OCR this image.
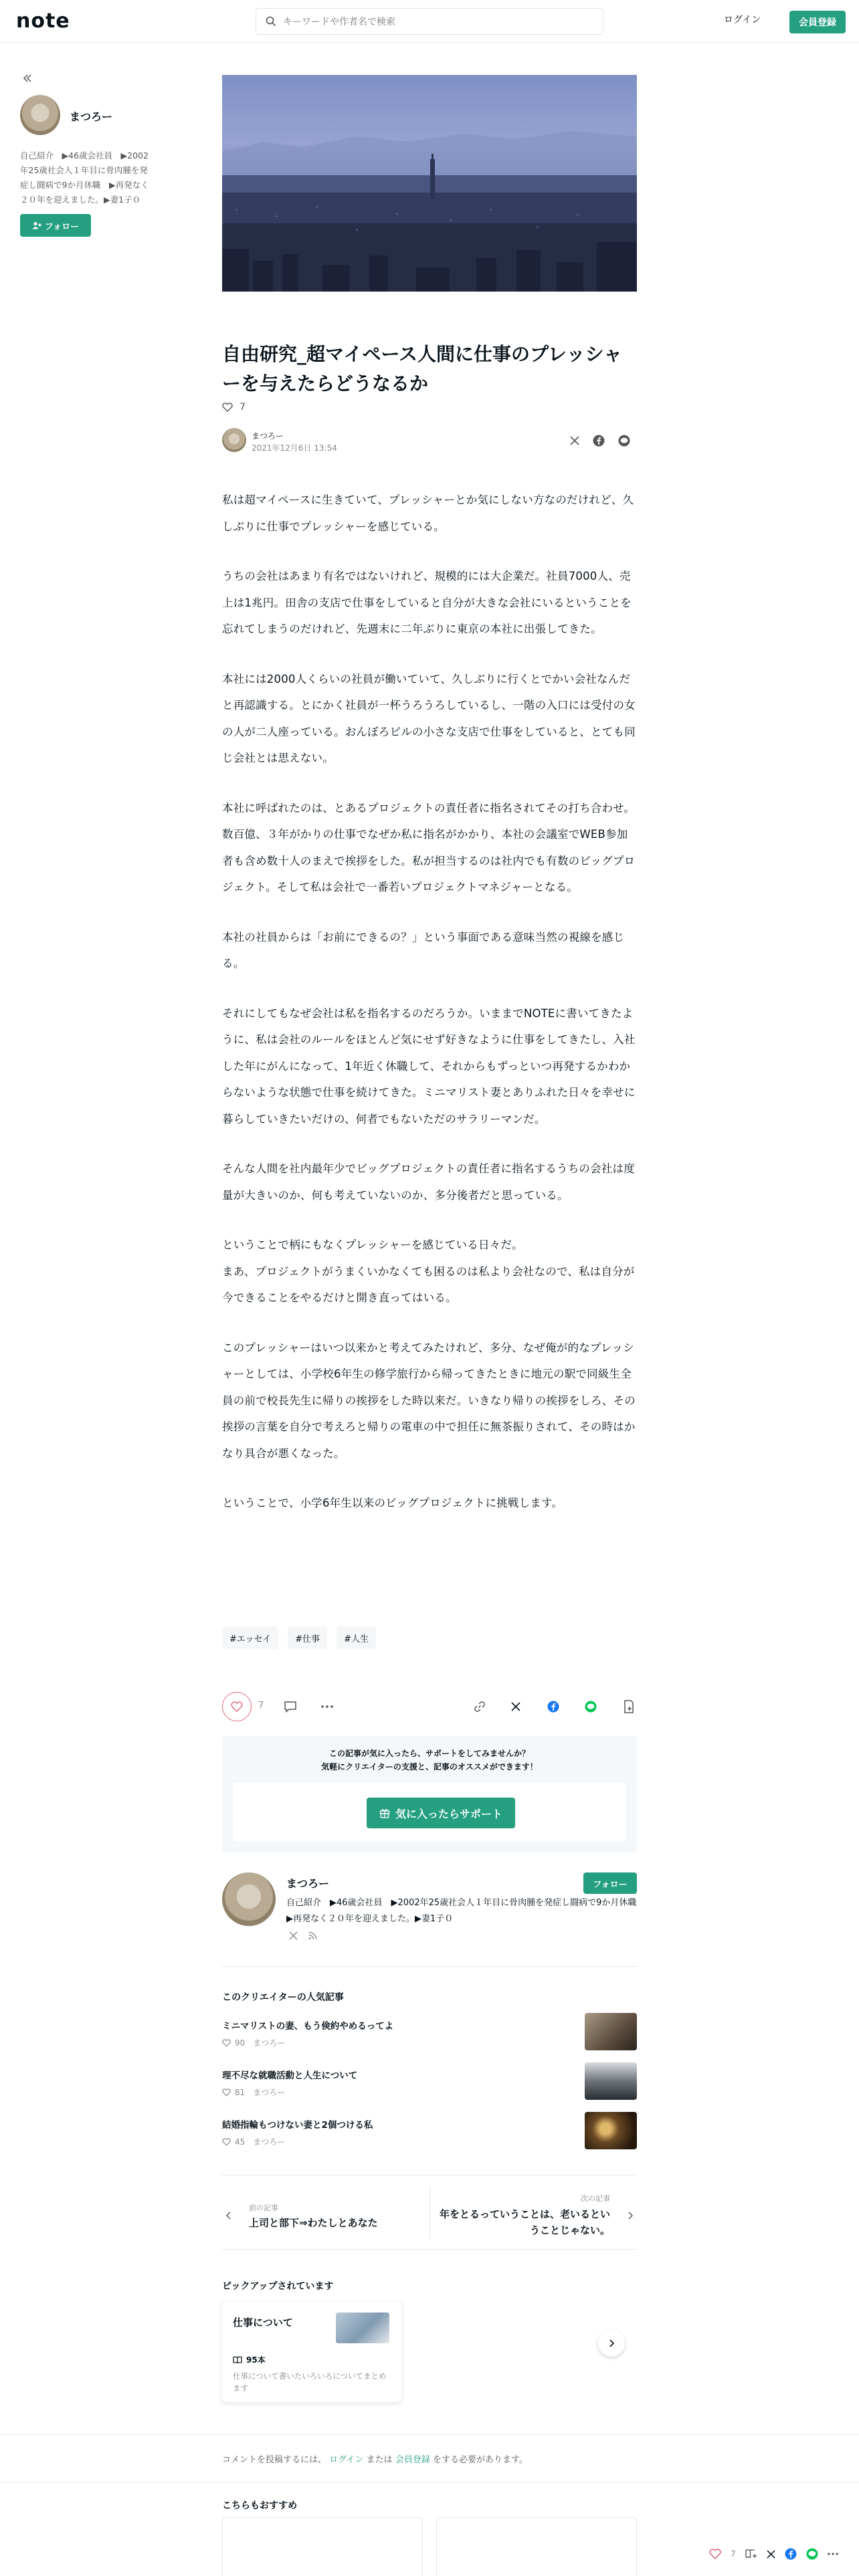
note
キーワードや作者名で検索	ログイン	会員登録
まつろー
自己紹介　▶46歳会社員　▶2002年25歳社会人１年目に骨肉腫を発症し闘病で9か月休職　▶再発なく２０年を迎えました。▶妻1子０
フォロー
自由研究_超マイペース人間に仕事のプレッシャーを与えたらどうなるか
7
まつろー
2021年12月6日 13:54

私は超マイペースに生きていて、プレッシャーとか気にしない方なのだけれど、久しぶりに仕事でプレッシャーを感じている。

うちの会社はあまり有名ではないけれど、規模的には大企業だ。社員7000人、売上は1兆円。田舎の支店で仕事をしていると自分が大きな会社にいるということを忘れてしまうのだけれど、先週末に二年ぶりに東京の本社に出張してきた。

本社には2000人くらいの社員が働いていて、久しぶりに行くとでかい会社なんだと再認識する。とにかく社員が一杯うろうろしているし、一階の入口には受付の女の人が二人座っている。おんぼろビルの小さな支店で仕事をしていると、とても同じ会社とは思えない。

本社に呼ばれたのは、とあるプロジェクトの責任者に指名されてその打ち合わせ。数百億、３年がかりの仕事でなぜか私に指名がかかり、本社の会議室でWEB参加者も含め数十人のまえで挨拶をした。私が担当するのは社内でも有数のビッグプロジェクト。そして私は会社で一番若いプロジェクトマネジャーとなる。

本社の社員からは「お前にできるの？」という事面である意味当然の視線を感じる。

それにしてもなぜ会社は私を指名するのだろうか。いままでNOTEに書いてきたように、私は会社のルールをほとんど気にせず好きなように仕事をしてきたし、入社した年にがんになって、1年近く休職して、それからもずっといつ再発するかわからないような状態で仕事を続けてきた。ミニマリスト妻とありふれた日々を幸せに暮らしていきたいだけの、何者でもないただのサラリーマンだ。

そんな人間を社内最年少でビッグプロジェクトの責任者に指名するうちの会社は度量が大きいのか、何も考えていないのか、多分後者だと思っている。

ということで柄にもなくプレッシャーを感じている日々だ。
まあ、プロジェクトがうまくいかなくても困るのは私より会社なので、私は自分が今できることをやるだけと開き直ってはいる。

このプレッシャーはいつ以来かと考えてみたけれど、多分、なぜ俺が的なプレッシャーとしては、小学校6年生の修学旅行から帰ってきたときに地元の駅で同級生全員の前で校長先生に帰りの挨拶をした時以来だ。いきなり帰りの挨拶をしろ、その挨拶の言葉を自分で考えろと帰りの電車の中で担任に無茶振りされて、その時はかなり具合が悪くなった。

ということで、小学6年生以来のビッグプロジェクトに挑戦します。

#エッセイ	#仕事	#人生
7
この記事が気に入ったら、サポートをしてみませんか？
気軽にクリエイターの支援と、記事のオススメができます！
気に入ったらサポート
まつろー	フォロー
自己紹介　▶46歳会社員　▶2002年25歳社会人１年目に骨肉腫を発症し闘病で9か月休職　▶再発なく２０年を迎えました。▶妻1子０
このクリエイターの人気記事
ミニマリストの妻、もう倹約やめるってよ
90 まつろー
理不尽な就職活動と人生について
81 まつろー
結婚指輪もつけない妻と2個つける私
45 まつろー
前の記事
上司と部下⇒わたしとあなた
次の記事
年をとるっていうことは、老いるということじゃない。
ピックアップされています
仕事について
95本
仕事について書いたいろいろについてまとめます
コメントを投稿するには、 ログイン または 会員登録 をする必要があります。
こちらもおすすめ
7
